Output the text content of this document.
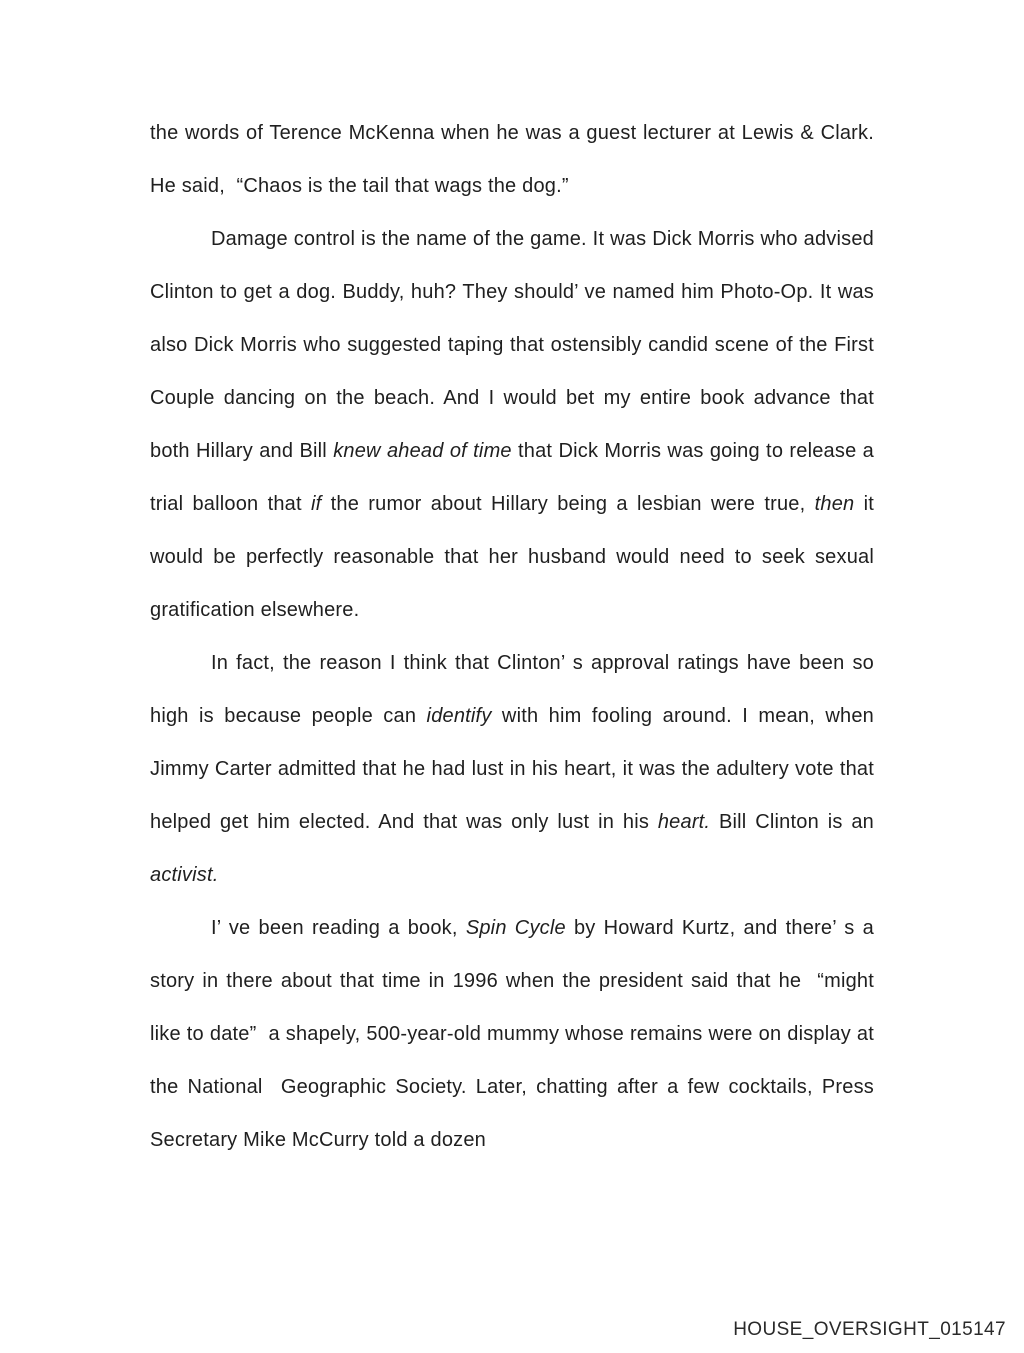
the words of Terence McKenna when he was a guest lecturer at Lewis & Clark. He said,  “Chaos is the tail that wags the dog.”

Damage control is the name of the game. It was Dick Morris who advised Clinton to get a dog. Buddy, huh? They should’ ve named him Photo-Op. It was also Dick Morris who suggested taping that ostensibly candid scene of the First Couple dancing on the beach. And I would bet my entire book advance that both Hillary and Bill knew ahead of time that Dick Morris was going to release a trial balloon that if the rumor about Hillary being a lesbian were true, then it would be perfectly reasonable that her husband would need to seek sexual gratification elsewhere.

In fact, the reason I think that Clinton’ s approval ratings have been so high is because people can identify with him fooling around. I mean, when Jimmy Carter admitted that he had lust in his heart, it was the adultery vote that helped get him elected. And that was only lust in his heart. Bill Clinton is an activist.

I’ ve been reading a book, Spin Cycle by Howard Kurtz, and there’ s a story in there about that time in 1996 when the president said that he  “might like to date”  a shapely, 500-year-old mummy whose remains were on display at the National  Geographic Society. Later, chatting after a few cocktails, Press Secretary Mike McCurry told a dozen

HOUSE_OVERSIGHT_015147
